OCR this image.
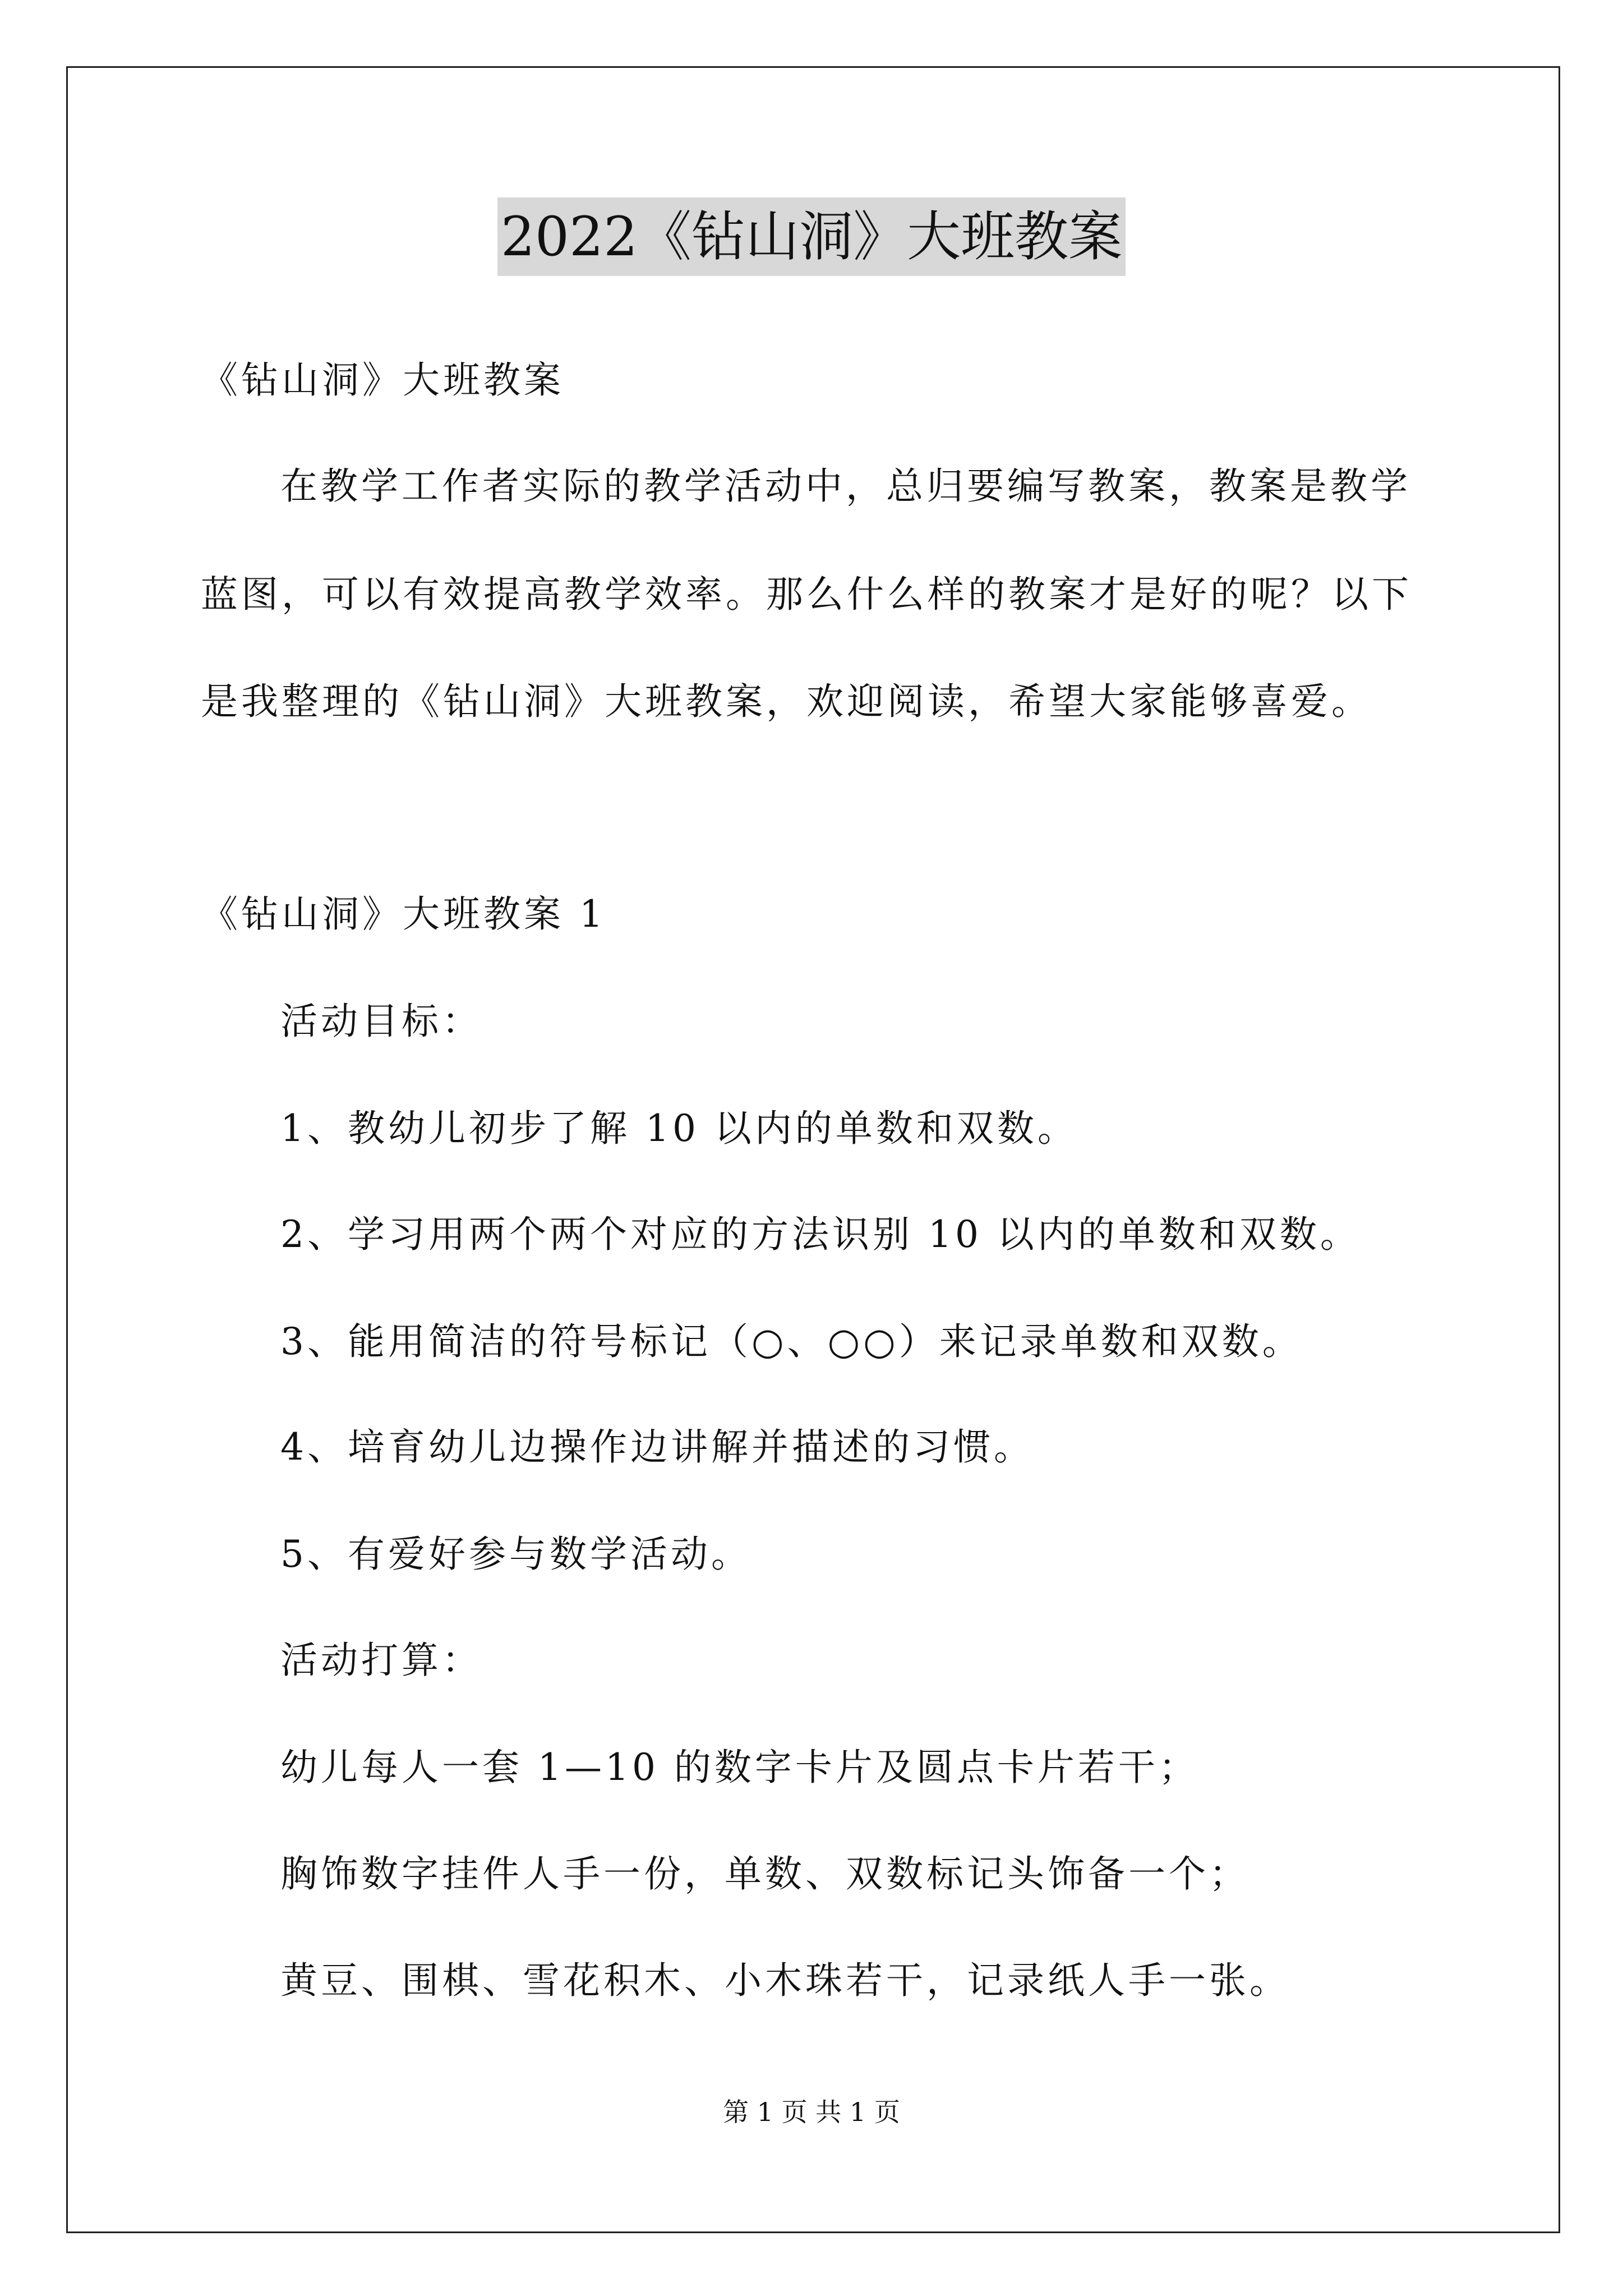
2022《钻山洞》大班教案
《钻山洞》大班教案
在教学工作者实际的教学活动中，总归要编写教案，教案是教学
蓝图，可以有效提高教学效率。那么什么样的教案才是好的呢？以下
是我整理的《钻山洞》大班教案，欢迎阅读，希望大家能够喜爱。
《钻山洞》大班教案 1
活动目标：
1、教幼儿初步了解 10 以内的单数和双数。
2、学习用两个两个对应的方法识别 10 以内的单数和双数。
3、能用简洁的符号标记（○、○○）来记录单数和双数。
4、培育幼儿边操作边讲解并描述的习惯。
5、有爱好参与数学活动。
活动打算：
幼儿每人一套 1—10 的数字卡片及圆点卡片若干；
胸饰数字挂件人手一份，单数、双数标记头饰备一个；
黄豆、围棋、雪花积木、小木珠若干，记录纸人手一张。
第 1 页 共 1 页
